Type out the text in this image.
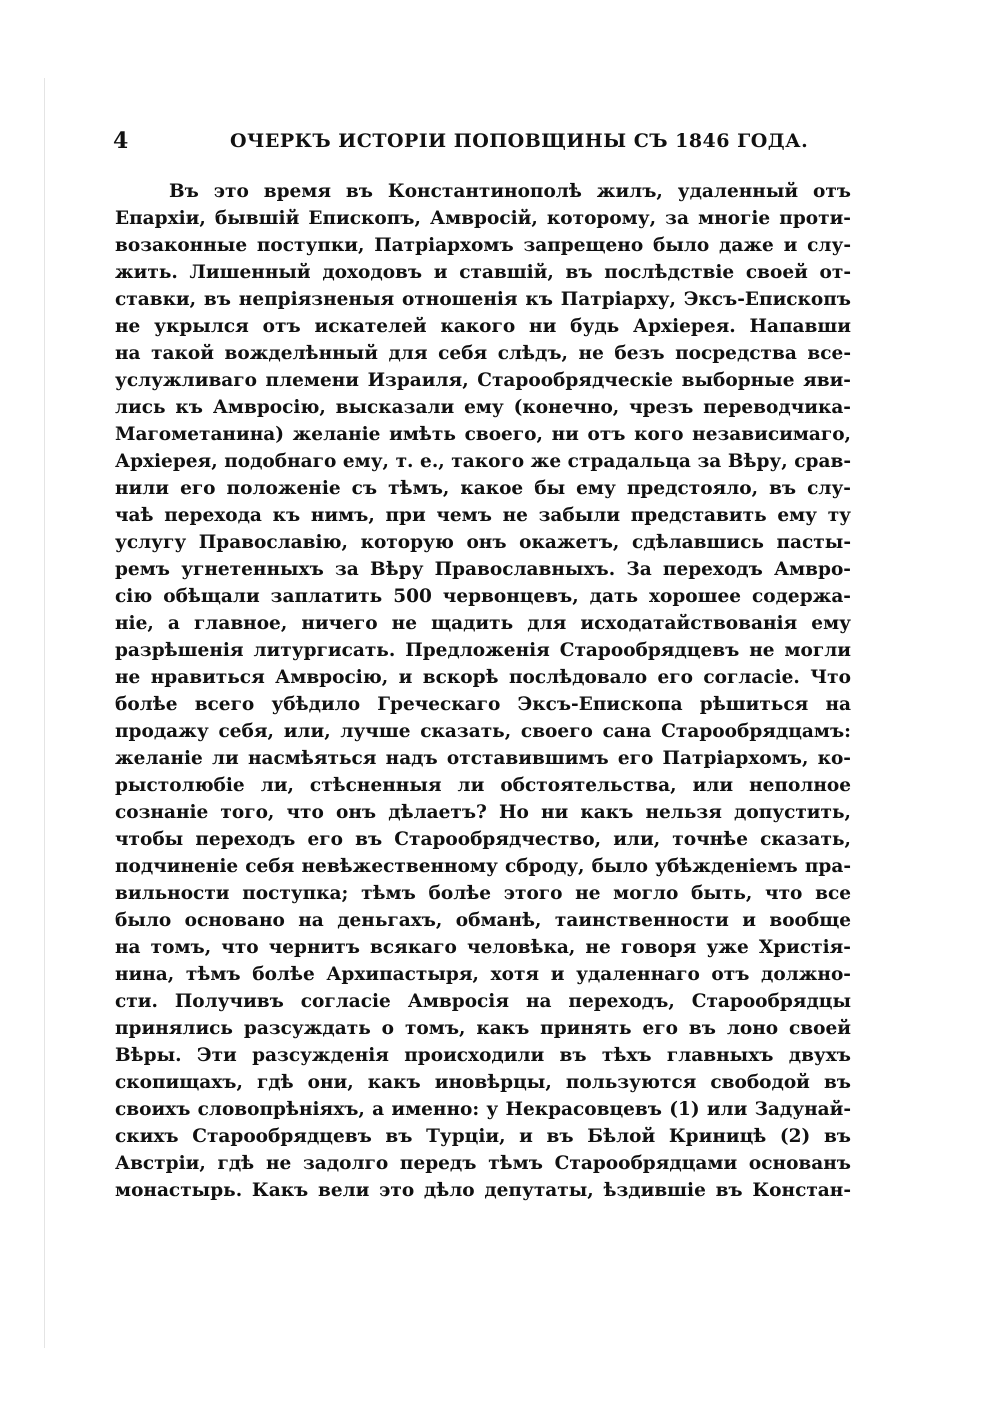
4	ОЧЕРКЪ ИСТОРІИ ПОПОВЩИНЫ СЪ 1846 ГОДА.
Въ это время въ Константинополѣ жилъ, удаленный отъ
Епархіи, бывшій Епископъ, Амвросій, которому, за многіе проти-
возаконные поступки, Патріархомъ запрещено было даже и слу-
жить. Лишенный доходовъ и ставшій, въ послѣдствіе своей от-
ставки, въ непріязненыя отношенія къ Патріарху, Эксъ-Епископъ
не укрылся отъ искателей какого ни будь Архіерея. Напавши
на такой вожделѣнный для себя слѣдъ, не безъ посредства все-
услужливаго племени Израиля, Старообрядческіе выборные яви-
лись къ Амвросію, высказали ему (конечно, чрезъ переводчика-
Магометанина) желаніе имѣть своего, ни отъ кого независимаго,
Архіерея, подобнаго ему, т. е., такого же страдальца за Вѣру, срав-
нили его положеніе съ тѣмъ, какое бы ему предстояло, въ слу-
чаѣ перехода къ нимъ, при чемъ не забыли представить ему ту
услугу Православію, которую онъ окажетъ, сдѣлавшись пасты-
ремъ угнетенныхъ за Вѣру Православныхъ. За переходъ Амвро-
сію обѣщали заплатить 500 червонцевъ, дать хорошее содержа-
ніе, а главное, ничего не щадить для исходатайствованія ему
разрѣшенія литургисать. Предложенія Старообрядцевъ не могли
не нравиться Амвросію, и вскорѣ послѣдовало его согласіе. Что
болѣе всего убѣдило Греческаго Эксъ-Епископа рѣшиться на
продажу себя, или, лучше сказать, своего сана Старообрядцамъ:
желаніе ли насмѣяться надъ отставившимъ его Патріархомъ, ко-
рыстолюбіе ли, стѣсненныя ли обстоятельства, или неполное
сознаніе того, что онъ дѣлаетъ? Но ни какъ нельзя допустить,
чтобы переходъ его въ Старообрядчество, или, точнѣе сказать,
подчиненіе себя невѣжественному сброду, было убѣжденіемъ пра-
вильности поступка; тѣмъ болѣе этого не могло быть, что все
было основано на деньгахъ, обманѣ, таинственности и вообще
на томъ, что чернитъ всякаго человѣка, не говоря уже Христія-
нина, тѣмъ болѣе Архипастыря, хотя и удаленнаго отъ должно-
сти. Получивъ согласіе Амвросія на переходъ, Старообрядцы
принялись разсуждать о томъ, какъ принять его въ лоно своей
Вѣры. Эти разсужденія происходили въ тѣхъ главныхъ двухъ
скопищахъ, гдѣ они, какъ иновѣрцы, пользуются свободой въ
своихъ словопрѣніяхъ, а именно: у Некрасовцевъ (1) или Задунай-
скихъ Старообрядцевъ въ Турціи, и въ Бѣлой Криницѣ (2) въ
Австріи, гдѣ не задолго передъ тѣмъ Старообрядцами основанъ
монастырь. Какъ вели это дѣло депутаты, ѣздившіе въ Констан-
